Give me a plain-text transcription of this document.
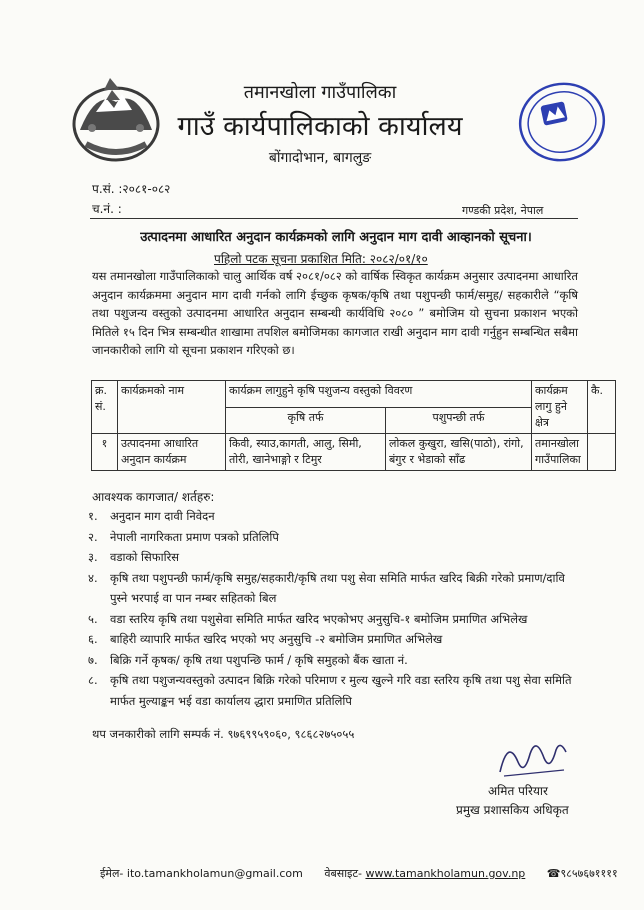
तमानखोला गाउँपालिका
गाउँ कार्यपालिकाको कार्यालय
बोंगादोभान, बागलुङ
प.सं. :२०८१-०८२
च.नं. :	गण्डकी प्रदेश, नेपाल
उत्पादनमा आधारित अनुदान कार्यक्रमको लागि अनुदान माग दावी आव्हानको सूचना।
पहिलो पटक सूचना प्रकाशित मिति: २०८२/०१/१०
यस तमानखोला गाउँपालिकाको चालु आर्थिक वर्ष २०८१/०८२ को वार्षिक स्विकृत कार्यक्रम अनुसार उत्पादनमा आधारित अनुदान कार्यक्रममा अनुदान माग दावी गर्नको लागि ईच्छुक कृषक/कृषि तथा पशुपन्छी फार्म/समुह/ सहकारीले “कृषि तथा पशुजन्य वस्तुको उत्पादनमा आधारित अनुदान सम्बन्धी कार्यविधि २०८० ” बमोजिम यो सुचना प्रकाशन भएको मितिले १५ दिन भित्र सम्बन्धीत शाखामा तपशिल बमोजिमका कागजात राखी अनुदान माग दावी गर्नुहुन सम्बन्धित सबैमा जानकारीको लागि यो सूचना प्रकाशन गरिएको छ।
क्र. सं.	कार्यक्रमको नाम	कार्यक्रम लागुहुने कृषि पशुजन्य वस्तुको विवरण		कार्यक्रम लागु हुने क्षेत्र	कै.
		कृषि तर्फ	पशुपन्छी तर्फ		
१	उत्पादनमा आधारित अनुदान कार्यक्रम	किवी, स्याउ,कागती, आलु, सिमी, तोरी, खानेभाङ्गो र टिमुर	लोकल कुखुरा, खसि(पाठो), रांगो, बंगुर र भेडाको साँढ	तमानखोला गाउँपालिका	
आवश्यक कागजात/ शर्तहरु:
१. अनुदान माग दावी निवेदन
२. नेपाली नागरिकता प्रमाण पत्रको प्रतिलिपि
३. वडाको सिफारिस
४. कृषि तथा पशुपन्छी फार्म/कृषि समुह/सहकारी/कृषि तथा पशु सेवा समिति मार्फत खरिद बिक्री गरेको प्रमाण/दावि पुस्ने भरपाई वा पान नम्बर सहितको बिल
५. वडा स्तरिय कृषि तथा पशुसेवा समिति मार्फत खरिद भएकोभए अनुसुचि-१ बमोजिम प्रमाणित अभिलेख
६. बाहिरी व्यापारि मार्फत खरिद भएको भए अनुसुचि -२ बमोजिम प्रमाणित अभिलेख
७. बिक्रि गर्ने कृषक/ कृषि तथा पशुपन्छि फार्म / कृषि समुहको बैंक खाता नं.
८. कृषि तथा पशुजन्यवस्तुको उत्पादन बिक्रि गरेको परिमाण र मुल्य खुल्ने गरि वडा स्तरिय कृषि तथा पशु सेवा समिति मार्फत मुल्याङ्कन भई वडा कार्यालय द्धारा प्रमाणित प्रतिलिपि
थप जनकारीको लागि सम्पर्क नं. ९७६९९५९०६०, ९८६८२७५०५५
अमित परियार
प्रमुख प्रशासकिय अधिकृत
ईमेल- ito.tamankholamun@gmail.com वेबसाइट- www.tamankholamun.gov.np ☎९८५७६७११११
